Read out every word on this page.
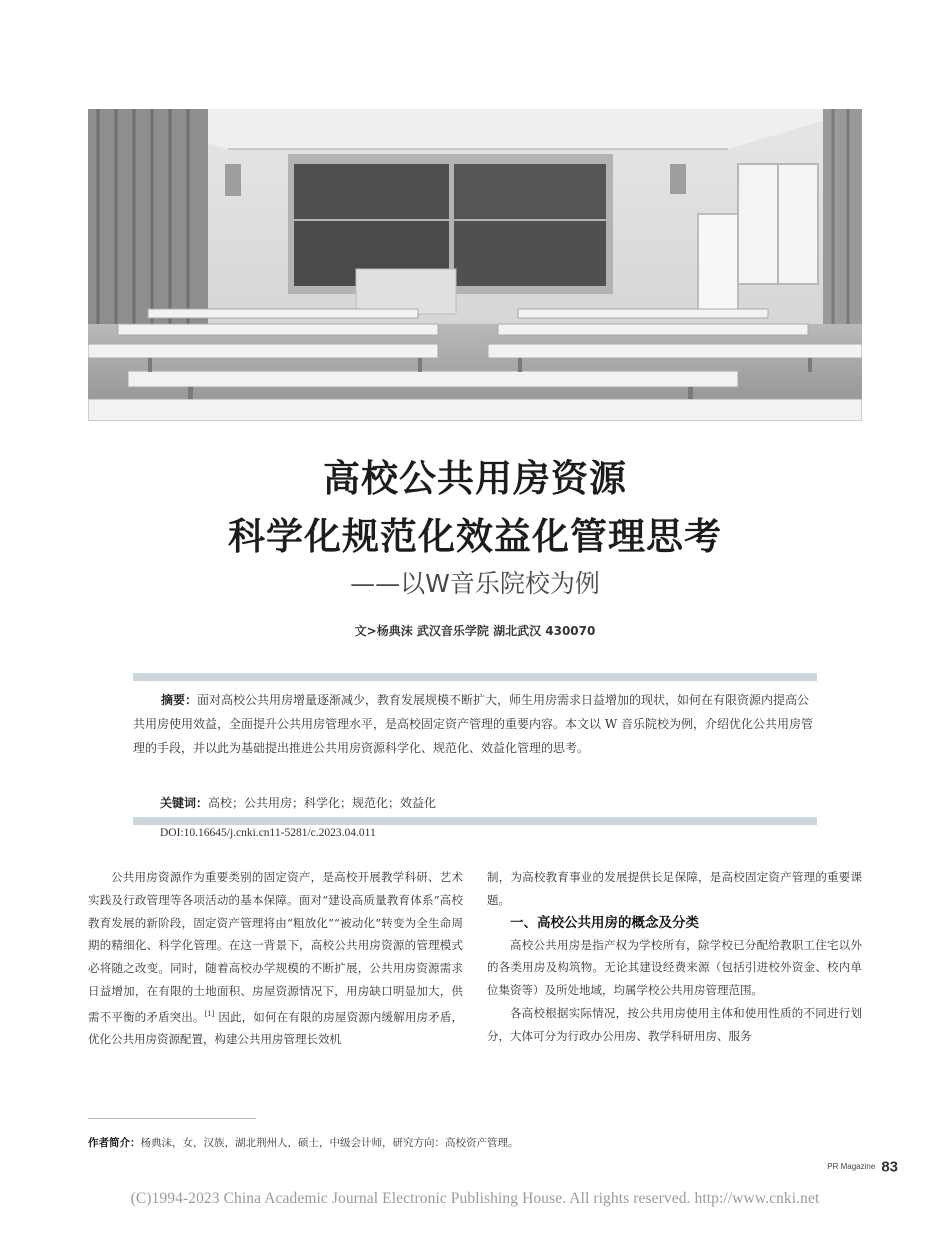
高校公共用房资源
科学化规范化效益化管理思考
——以W音乐院校为例
文>杨典沫 武汉音乐学院 湖北武汉 430070

摘要：面对高校公共用房增量逐渐减少，教育发展规模不断扩大，师生用房需求日益增加的现状，如何在有限资源内提高公共用房使用效益，全面提升公共用房管理水平，是高校固定资产管理的重要内容。本文以 W 音乐院校为例，介绍优化公共用房管理的手段，并以此为基础提出推进公共用房资源科学化、规范化、效益化管理的思考。

关键词：高校；公共用房；科学化；规范化；效益化
DOI:10.16645/j.cnki.cn11-5281/c.2023.04.011

公共用房资源作为重要类别的固定资产，是高校开展教学科研、艺术实践及行政管理等各项活动的基本保障。面对“建设高质量教育体系”高校教育发展的新阶段，固定资产管理将由“粗放化”“被动化”转变为全生命周期的精细化、科学化管理。在这一背景下，高校公共用房资源的管理模式必将随之改变。同时，随着高校办学规模的不断扩展，公共用房资源需求日益增加，在有限的土地面积、房屋资源情况下，用房缺口明显加大，供需不平衡的矛盾突出。[1] 因此，如何在有限的房屋资源内缓解用房矛盾，优化公共用房资源配置，构建公共用房管理长效机

制，为高校教育事业的发展提供长足保障，是高校固定资产管理的重要课题。

一、高校公共用房的概念及分类

高校公共用房是指产权为学校所有，除学校已分配给教职工住宅以外的各类用房及构筑物。无论其建设经费来源（包括引进校外资金、校内单位集资等）及所处地域，均属学校公共用房管理范围。

各高校根据实际情况，按公共用房使用主体和使用性质的不同进行划分，大体可分为行政办公用房、教学科研用房、服务

作者简介：杨典沫，女，汉族，湖北荆州人，硕士，中级会计师，研究方向：高校资产管理。
PR Magazine 83
(C)1994-2023 China Academic Journal Electronic Publishing House. All rights reserved. http://www.cnki.net
